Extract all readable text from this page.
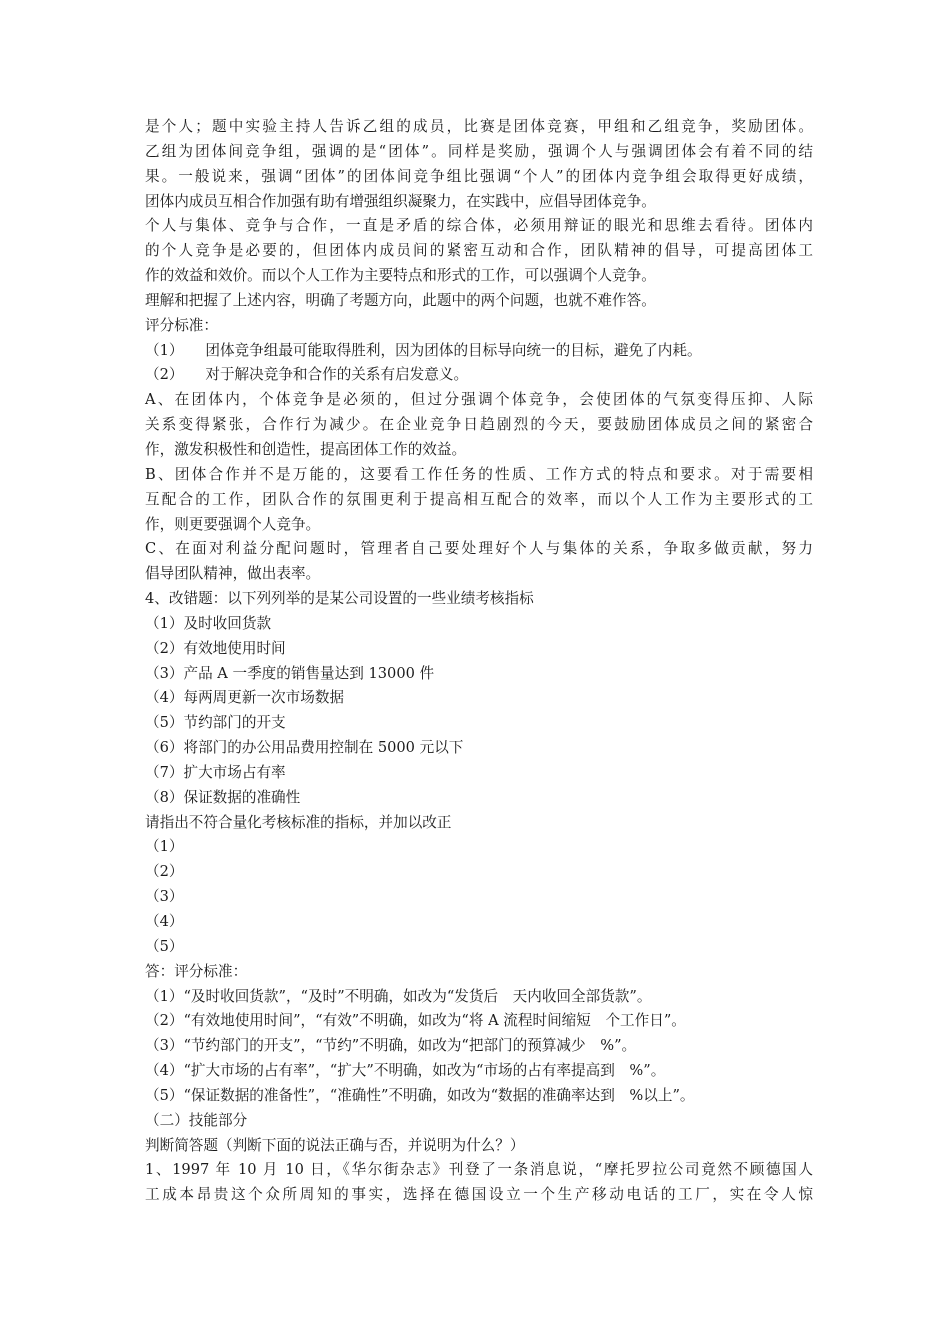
是个人；题中实验主持人告诉乙组的成员，比赛是团体竞赛，甲组和乙组竞争，奖励团体。
乙组为团体间竞争组，强调的是“团体”。同样是奖励，强调个人与强调团体会有着不同的结
果。一般说来，强调“团体”的团体间竞争组比强调“个人”的团体内竞争组会取得更好成绩，
团体内成员互相合作加强有助有增强组织凝聚力，在实践中，应倡导团体竞争。
个人与集体、竞争与合作，一直是矛盾的综合体，必须用辩证的眼光和思维去看待。团体内
的个人竞争是必要的，但团体内成员间的紧密互动和合作，团队精神的倡导，可提高团体工
作的效益和效价。而以个人工作为主要特点和形式的工作，可以强调个人竞争。
理解和把握了上述内容，明确了考题方向，此题中的两个问题，也就不难作答。
评分标准：
（1）　　团体竞争组最可能取得胜利，因为团体的目标导向统一的目标，避免了内耗。
（2）　　对于解决竞争和合作的关系有启发意义。
A、在团体内，个体竞争是必须的，但过分强调个体竞争，会使团体的气氛变得压抑、人际
关系变得紧张，合作行为减少。在企业竞争日趋剧烈的今天，要鼓励团体成员之间的紧密合
作，激发积极性和创造性，提高团体工作的效益。
B、团体合作并不是万能的，这要看工作任务的性质、工作方式的特点和要求。对于需要相
互配合的工作，团队合作的氛围更利于提高相互配合的效率，而以个人工作为主要形式的工
作，则更要强调个人竞争。
C、在面对利益分配问题时，管理者自己要处理好个人与集体的关系，争取多做贡献，努力
倡导团队精神，做出表率。
4、改错题：以下列列举的是某公司设置的一些业绩考核指标
（1）及时收回货款
（2）有效地使用时间
（3）产品 A 一季度的销售量达到 13000 件
（4）每两周更新一次市场数据
（5）节约部门的开支
（6）将部门的办公用品费用控制在 5000 元以下
（7）扩大市场占有率
（8）保证数据的准确性
请指出不符合量化考核标准的指标，并加以改正
（1）
（2）
（3）
（4）
（5）
答：评分标准：
（1）“及时收回货款”，“及时”不明确，如改为“发货后　天内收回全部货款”。
（2）“有效地使用时间”，“有效”不明确，如改为“将 A 流程时间缩短　个工作日”。
（3）“节约部门的开支”，“节约”不明确，如改为“把部门的预算减少　%”。
（4）“扩大市场的占有率”，“扩大”不明确，如改为“市场的占有率提高到　%”。
（5）“保证数据的准备性”，“准确性”不明确，如改为“数据的准确率达到　%以上”。
（二）技能部分
判断简答题（判断下面的说法正确与否，并说明为什么？）
1、1997 年 10 月 10 日，《华尔街杂志》刊登了一条消息说，“摩托罗拉公司竟然不顾德国人
工成本昂贵这个众所周知的事实，选择在德国设立一个生产移动电话的工厂，实在令人惊
